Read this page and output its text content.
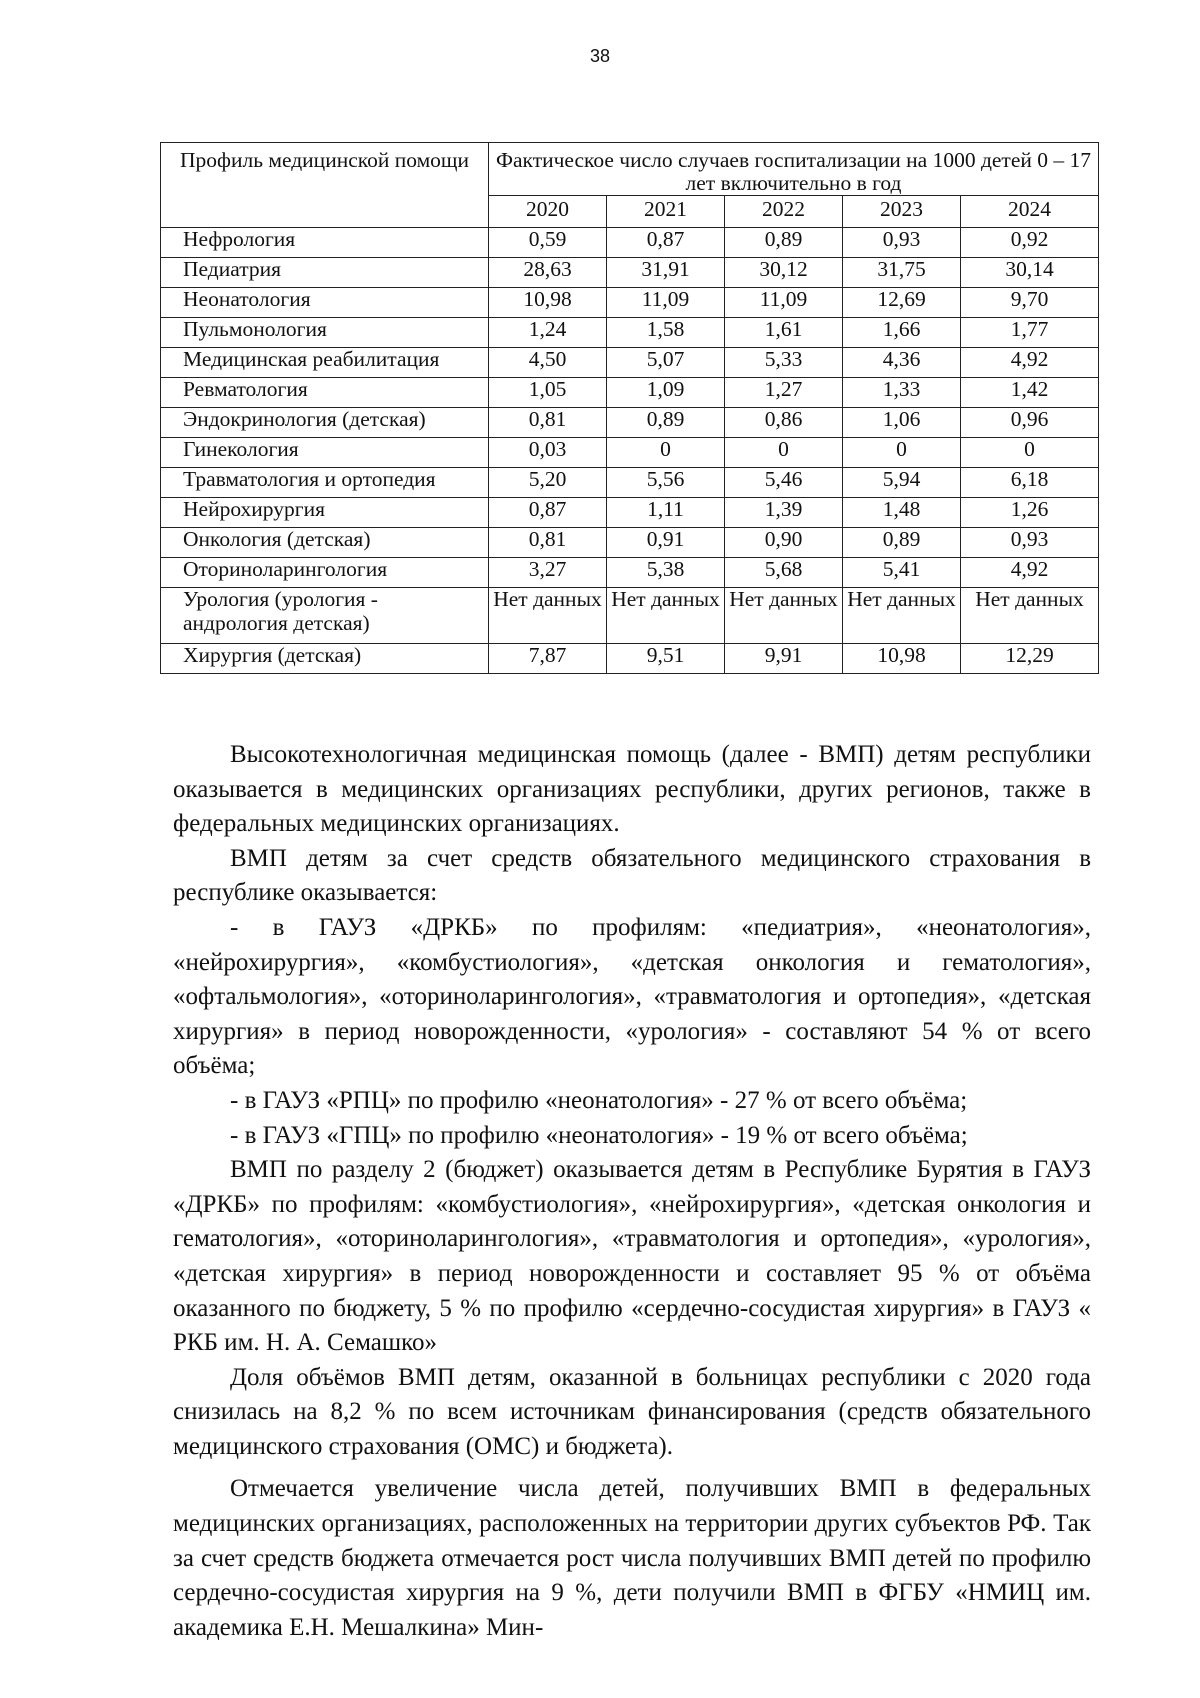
38
Профиль медицинской помощи	Фактическое число случаев госпитализации на 1000 детей 0 – 17 лет включительно в год				
	2020	2021	2022	2023	2024
Нефрология	0,59	0,87	0,89	0,93	0,92
Педиатрия	28,63	31,91	30,12	31,75	30,14
Неонатология	10,98	11,09	11,09	12,69	9,70
Пульмонология	1,24	1,58	1,61	1,66	1,77
Медицинская реабилитация	4,50	5,07	5,33	4,36	4,92
Ревматология	1,05	1,09	1,27	1,33	1,42
Эндокринология (детская)	0,81	0,89	0,86	1,06	0,96
Гинекология	0,03	0	0	0	0
Травматология и ортопедия	5,20	5,56	5,46	5,94	6,18
Нейрохирургия	0,87	1,11	1,39	1,48	1,26
Онкология (детская)	0,81	0,91	0,90	0,89	0,93
Оториноларингология	3,27	5,38	5,68	5,41	4,92
Урология (урология - андрология детская)	Нет данных	Нет данных	Нет данных	Нет данных	Нет данных
Хирургия (детская)	7,87	9,51	9,91	10,98	12,29

Высокотехнологичная медицинская помощь (далее - ВМП) детям республики оказывается в медицинских организациях республики, других регионов, также в федеральных медицинских организациях.

ВМП детям за счет средств обязательного медицинского страхования в республике оказывается:

- в ГАУЗ «ДРКБ» по профилям: «педиатрия», «неонатология», «нейрохирургия», «комбустиология», «детская онкология и гематология», «офтальмология», «оториноларингология», «травматология и ортопедия», «детская хирургия» в период новорожденности, «урология» - составляют 54 % от всего объёма;

- в ГАУЗ «РПЦ» по профилю «неонатология» - 27 % от всего объёма;

- в ГАУЗ «ГПЦ» по профилю «неонатология» - 19 % от всего объёма;

ВМП по разделу 2 (бюджет) оказывается детям в Республике Бурятия в ГАУЗ «ДРКБ» по профилям: «комбустиология», «нейрохирургия», «детская онкология и гематология», «оториноларингология», «травматология и ортопедия», «урология», «детская хирургия» в период новорожденности и составляет 95 % от объёма оказанного по бюджету, 5 % по профилю «сердечно-сосудистая хирургия» в ГАУЗ « РКБ им. Н. А. Семашко»

Доля объёмов ВМП детям, оказанной в больницах республики с 2020 года снизилась на 8,2 % по всем источникам финансирования (средств обязательного медицинского страхования (ОМС) и бюджета).

Отмечается увеличение числа детей, получивших ВМП в федеральных медицинских организациях, расположенных на территории других субъектов РФ. Так за счет средств бюджета отмечается рост числа получивших ВМП детей по профилю сердечно-сосудистая хирургия на 9 %, дети получили ВМП в ФГБУ «НМИЦ им. академика Е.Н. Мешалкина» Мин-
